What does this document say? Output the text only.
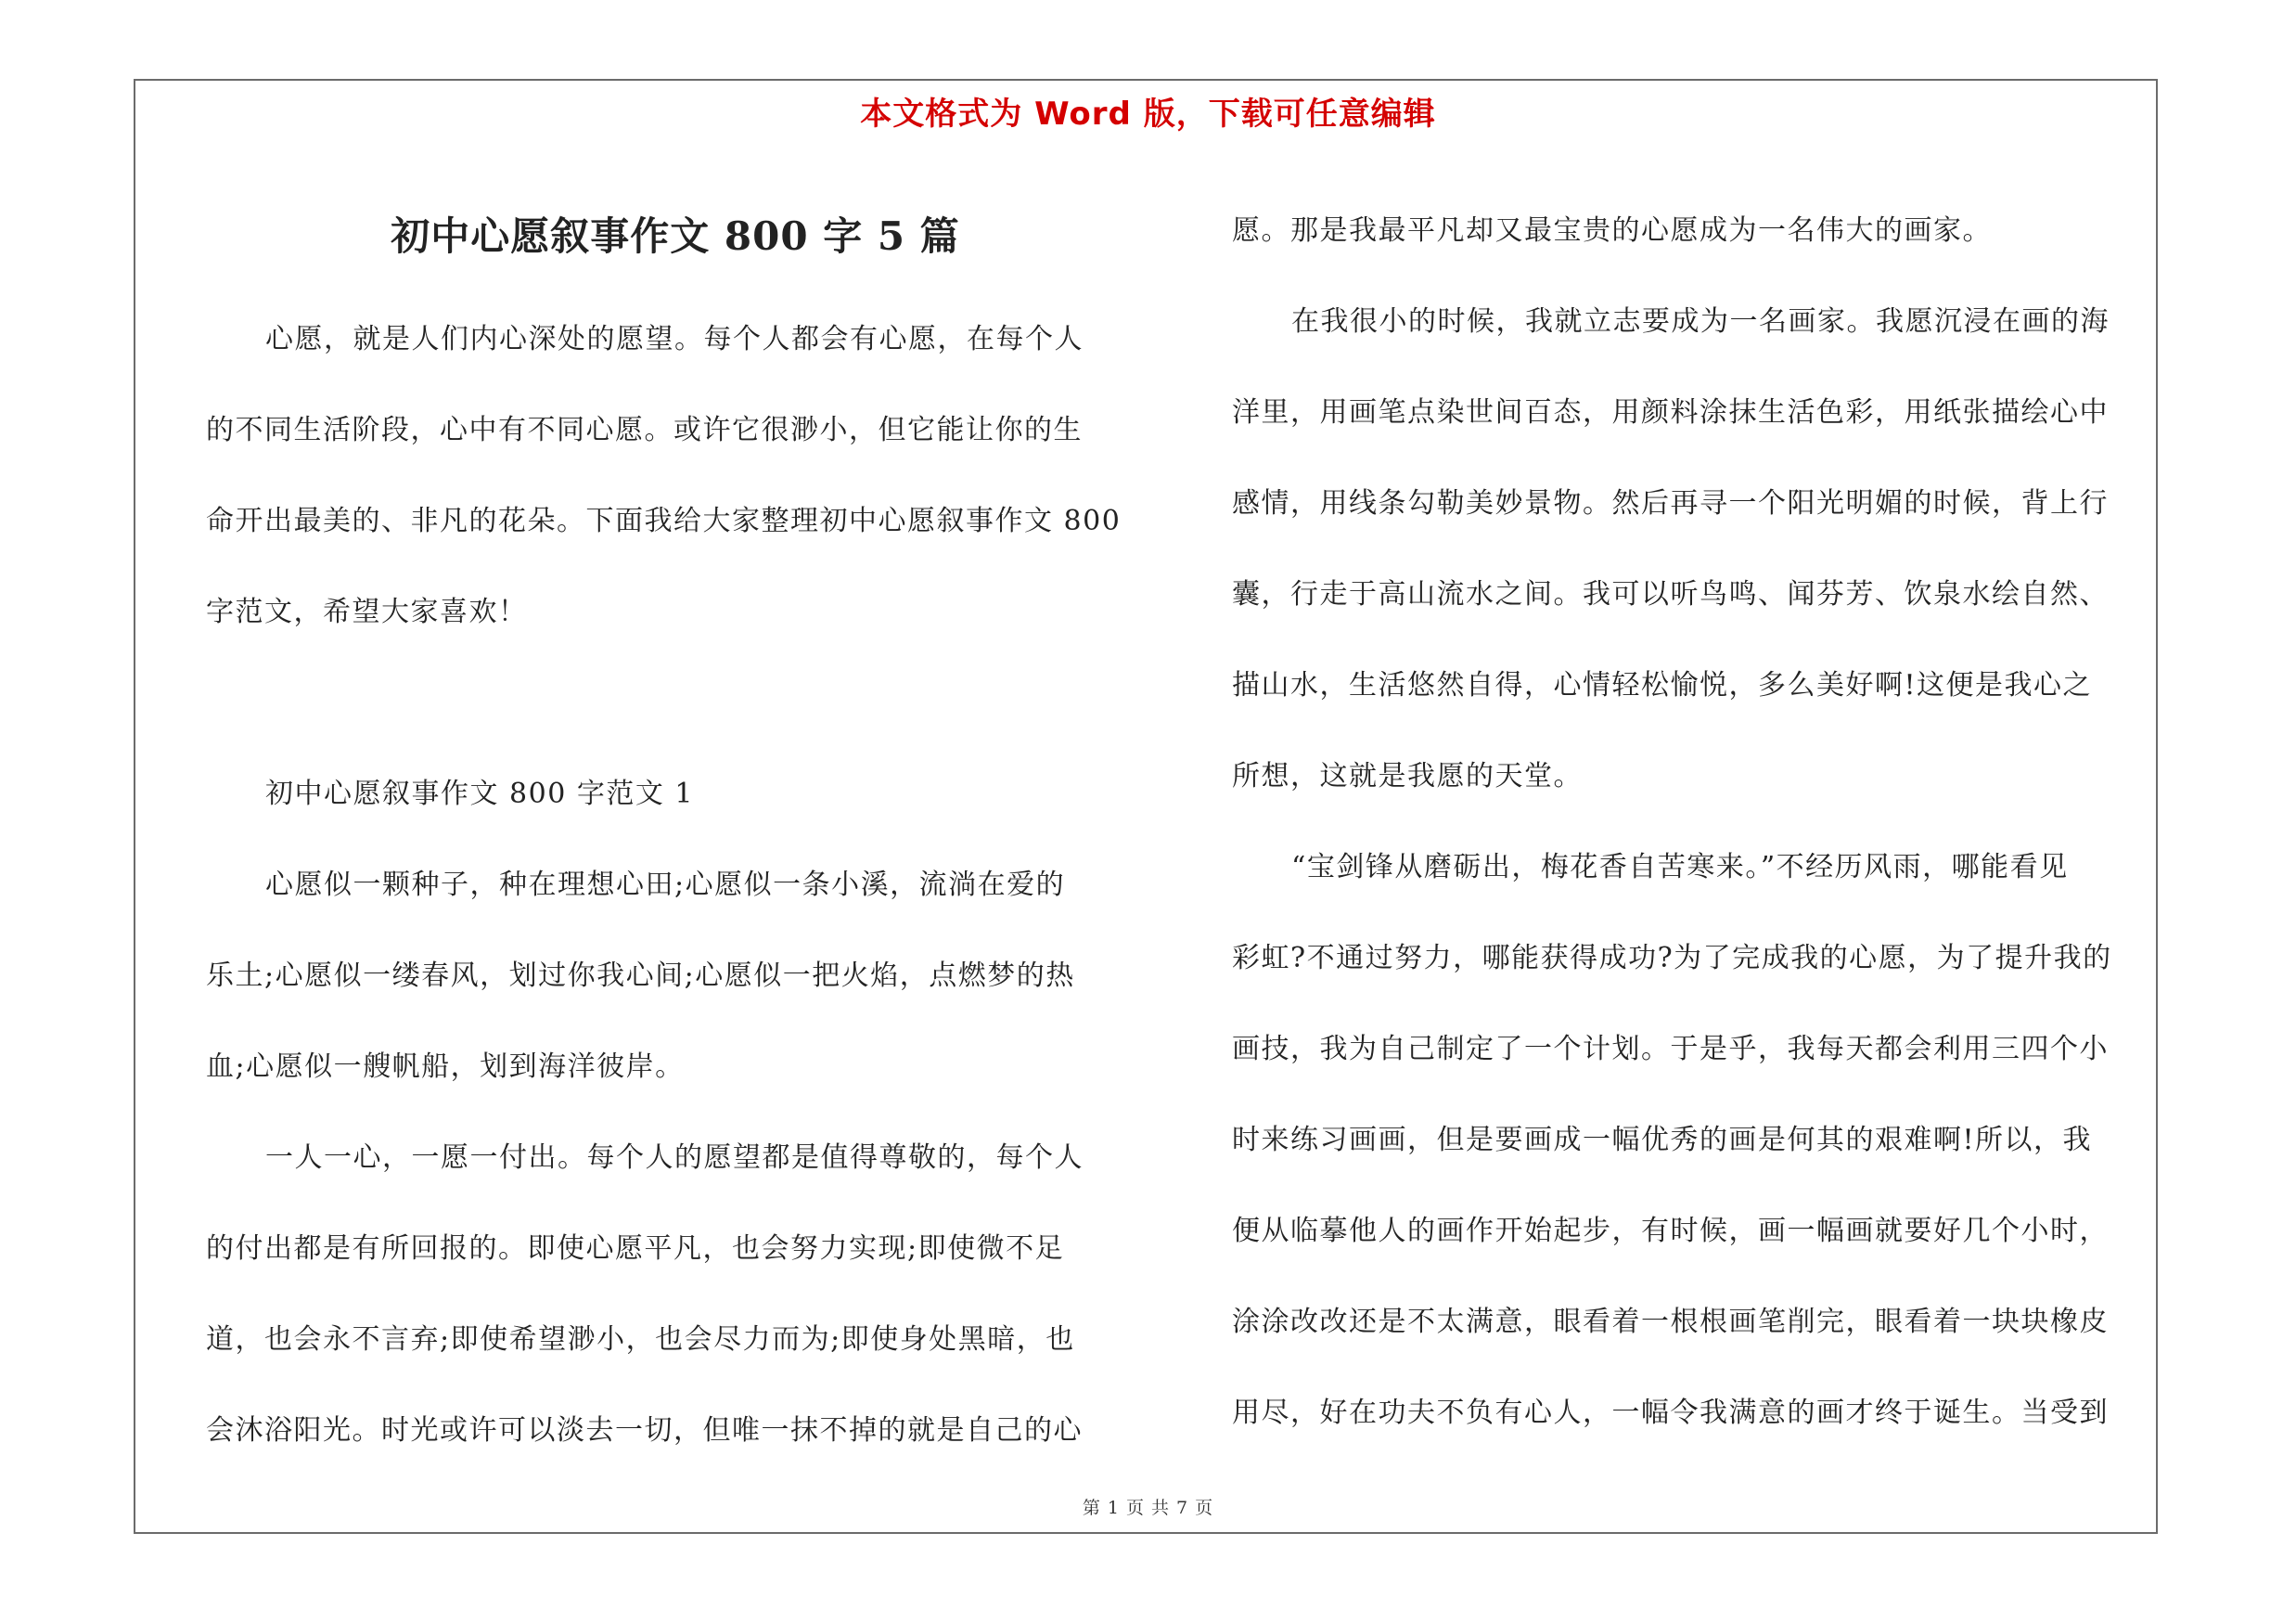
本文格式为 Word 版，下载可任意编辑
初中心愿叙事作文 800 字 5 篇
心愿，就是人们内心深处的愿望。每个人都会有心愿，在每个人
的不同生活阶段，心中有不同心愿。或许它很渺小，但它能让你的生
命开出最美的、非凡的花朵。下面我给大家整理初中心愿叙事作文 800
字范文，希望大家喜欢！
初中心愿叙事作文 800 字范文 1
心愿似一颗种子，种在理想心田;心愿似一条小溪，流淌在爱的
乐土;心愿似一缕春风，划过你我心间;心愿似一把火焰，点燃梦的热
血;心愿似一艘帆船，划到海洋彼岸。
一人一心，一愿一付出。每个人的愿望都是值得尊敬的，每个人
的付出都是有所回报的。即使心愿平凡，也会努力实现;即使微不足
道，也会永不言弃;即使希望渺小，也会尽力而为;即使身处黑暗，也
会沐浴阳光。时光或许可以淡去一切，但唯一抹不掉的就是自己的心
愿。那是我最平凡却又最宝贵的心愿成为一名伟大的画家。
在我很小的时候，我就立志要成为一名画家。我愿沉浸在画的海
洋里，用画笔点染世间百态，用颜料涂抹生活色彩，用纸张描绘心中
感情，用线条勾勒美妙景物。然后再寻一个阳光明媚的时候，背上行
囊，行走于高山流水之间。我可以听鸟鸣、闻芬芳、饮泉水绘自然、
描山水，生活悠然自得，心情轻松愉悦，多么美好啊!这便是我心之
所想，这就是我愿的天堂。
“宝剑锋从磨砺出，梅花香自苦寒来。”不经历风雨，哪能看见
彩虹?不通过努力，哪能获得成功?为了完成我的心愿，为了提升我的
画技，我为自己制定了一个计划。于是乎，我每天都会利用三四个小
时来练习画画，但是要画成一幅优秀的画是何其的艰难啊!所以，我
便从临摹他人的画作开始起步，有时候，画一幅画就要好几个小时，
涂涂改改还是不太满意，眼看着一根根画笔削完，眼看着一块块橡皮
用尽，好在功夫不负有心人，一幅令我满意的画才终于诞生。当受到
第 1 页 共 7 页
